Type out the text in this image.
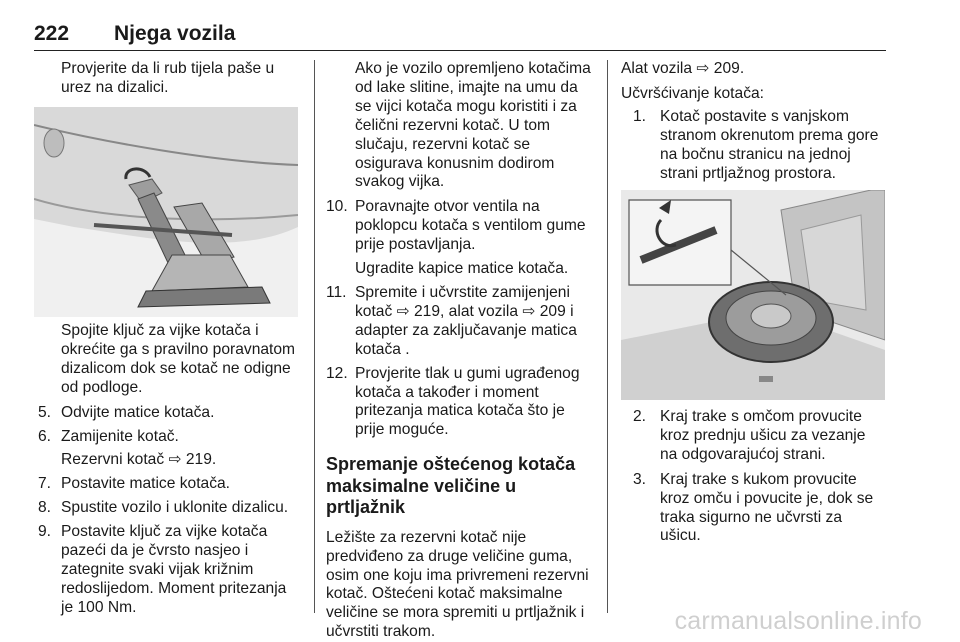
222 Njega vozila

Provjerite da li rub tijela paše u urez na dizalici.

Spojite ključ za vijke kotača i okrećite ga s pravilno poravnatom dizalicom dok se kotač ne odigne od podloge.

5. Odvijte matice kotača.
6. Zamijenite kotač.
Rezervni kotač ⇨ 219.
7. Postavite matice kotača.
8. Spustite vozilo i uklonite dizalicu.
9. Postavite ključ za vijke kotača pazeći da je čvrsto nasjeo i zategnite svaki vijak križnim redoslijedom. Moment pritezanja je 100 Nm.

Ako je vozilo opremljeno kotačima od lake slitine, imajte na umu da se vijci kotača mogu koristiti i za čelični rezervni kotač. U tom slučaju, rezervni kotač se osigurava konusnim dodirom svakog vijka.

10. Poravnajte otvor ventila na poklopcu kotača s ventilom gume prije postavljanja.
Ugradite kapice matice kotača.
11. Spremite i učvrstite zamijenjeni kotač ⇨ 219, alat vozila ⇨ 209 i adapter za zaključavanje matica kotača .
12. Provjerite tlak u gumi ugrađenog kotača a također i moment pritezanja matica kotača što je prije moguće.
Spremanje oštećenog kotača maksimalne veličine u prtljažnik

Ležište za rezervni kotač nije predviđeno za druge veličine guma, osim one koju ima privremeni rezervni kotač. Oštećeni kotač maksimalne veličine se mora spremiti u prtljažnik i učvrstiti trakom.

Alat vozila ⇨ 209.

Učvršćivanje kotača:

1. Kotač postavite s vanjskom stranom okrenutom prema gore na bočnu stranicu na jednoj strani prtljažnog prostora.
2. Kraj trake s omčom provucite kroz prednju ušicu za vezanje na odgovarajućoj strani.
3. Kraj trake s kukom provucite kroz omču i povucite je, dok se traka sigurno ne učvrsti za ušicu.
carmanualsonline.info
